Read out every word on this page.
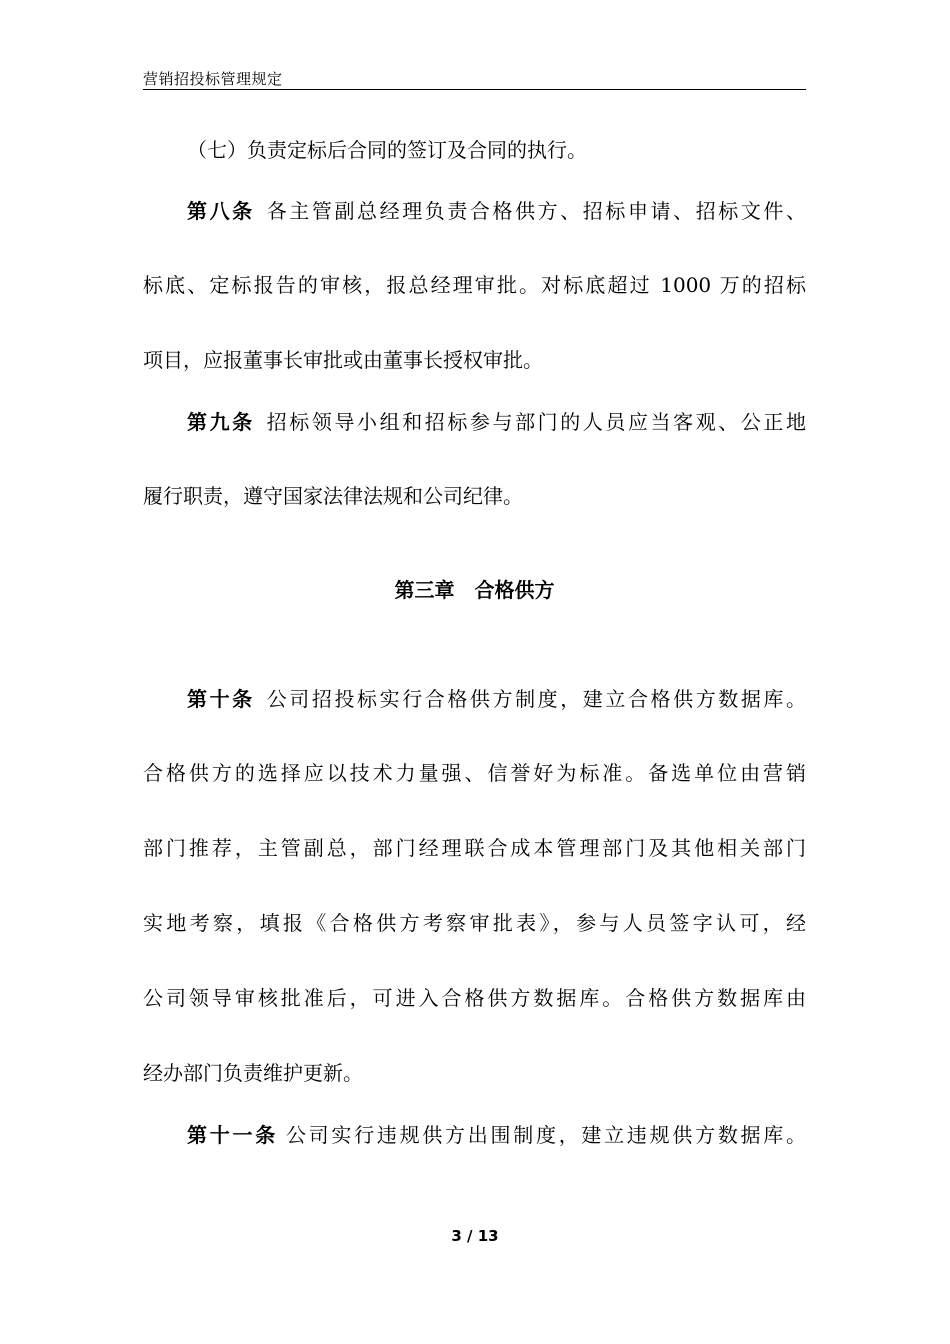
营销招投标管理规定
（七）负责定标后合同的签订及合同的执行。
第八条 各主管副总经理负责合格供方、招标申请、招标文件、
标底、定标报告的审核，报总经理审批。对标底超过 1000 万的招标
项目，应报董事长审批或由董事长授权审批。
第九条 招标领导小组和招标参与部门的人员应当客观、公正地
履行职责，遵守国家法律法规和公司纪律。
第三章　合格供方
第十条 公司招投标实行合格供方制度，建立合格供方数据库。
合格供方的选择应以技术力量强、信誉好为标准。备选单位由营销
部门推荐，主管副总，部门经理联合成本管理部门及其他相关部门
实地考察，填报《合格供方考察审批表》，参与人员签字认可，经
公司领导审核批准后，可进入合格供方数据库。合格供方数据库由
经办部门负责维护更新。
第十一条 公司实行违规供方出围制度，建立违规供方数据库。
3 / 13
